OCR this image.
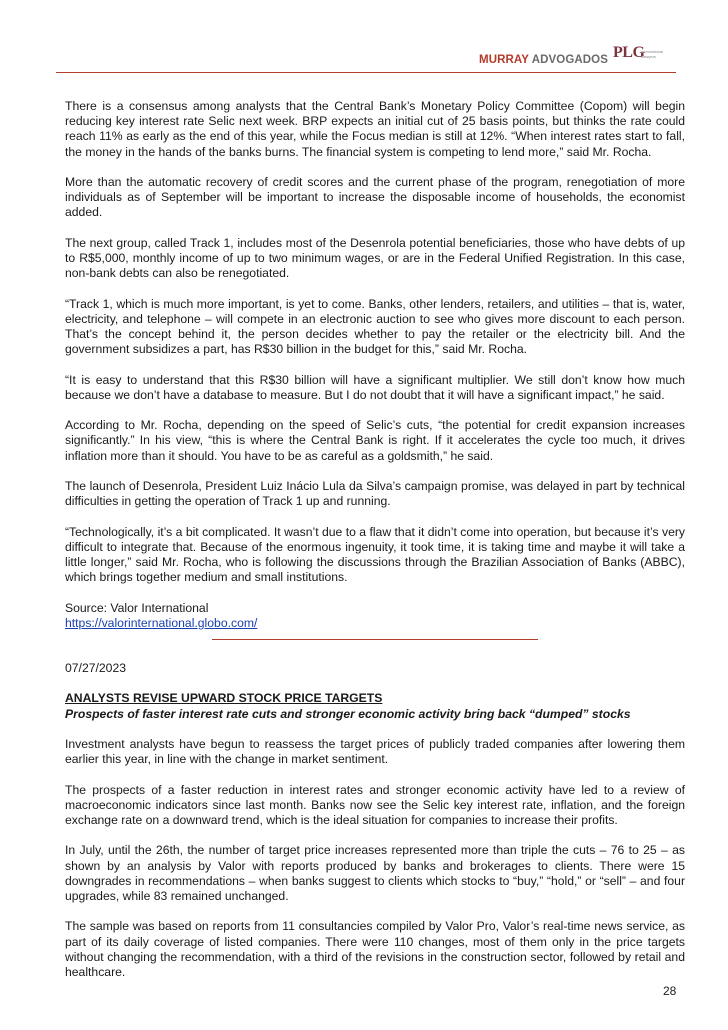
MURRAY ADVOGADOS PLG
International Lawyers

There is a consensus among analysts that the Central Bank’s Monetary Policy Committee (Copom) will begin reducing key interest rate Selic next week. BRP expects an initial cut of 25 basis points, but thinks the rate could reach 11% as early as the end of this year, while the Focus median is still at 12%. “When interest rates start to fall, the money in the hands of the banks burns. The financial system is competing to lend more,” said Mr. Rocha.

More than the automatic recovery of credit scores and the current phase of the program, renegotiation of more individuals as of September will be important to increase the disposable income of households, the economist added.

The next group, called Track 1, includes most of the Desenrola potential beneficiaries, those who have debts of up to R$5,000, monthly income of up to two minimum wages, or are in the Federal Unified Registration. In this case, non-bank debts can also be renegotiated.

“Track 1, which is much more important, is yet to come. Banks, other lenders, retailers, and utilities – that is, water, electricity, and telephone – will compete in an electronic auction to see who gives more discount to each person. That’s the concept behind it, the person decides whether to pay the retailer or the electricity bill. And the government subsidizes a part, has R$30 billion in the budget for this,” said Mr. Rocha.

“It is easy to understand that this R$30 billion will have a significant multiplier. We still don’t know how much because we don’t have a database to measure. But I do not doubt that it will have a significant impact,” he said.

According to Mr. Rocha, depending on the speed of Selic’s cuts, “the potential for credit expansion increases significantly.” In his view, “this is where the Central Bank is right. If it accelerates the cycle too much, it drives inflation more than it should. You have to be as careful as a goldsmith,” he said.

The launch of Desenrola, President Luiz Inácio Lula da Silva’s campaign promise, was delayed in part by technical difficulties in getting the operation of Track 1 up and running.

“Technologically, it’s a bit complicated. It wasn’t due to a flaw that it didn’t come into operation, but because it’s very difficult to integrate that. Because of the enormous ingenuity, it took time, it is taking time and maybe it will take a little longer,” said Mr. Rocha, who is following the discussions through the Brazilian Association of Banks (ABBC), which brings together medium and small institutions.

Source: Valor International
https://valorinternational.globo.com/
07/27/2023
ANALYSTS REVISE UPWARD STOCK PRICE TARGETS
Prospects of faster interest rate cuts and stronger economic activity bring back “dumped” stocks

Investment analysts have begun to reassess the target prices of publicly traded companies after lowering them earlier this year, in line with the change in market sentiment.

The prospects of a faster reduction in interest rates and stronger economic activity have led to a review of macroeconomic indicators since last month. Banks now see the Selic key interest rate, inflation, and the foreign exchange rate on a downward trend, which is the ideal situation for companies to increase their profits.

In July, until the 26th, the number of target price increases represented more than triple the cuts – 76 to 25 – as shown by an analysis by Valor with reports produced by banks and brokerages to clients. There were 15 downgrades in recommendations – when banks suggest to clients which stocks to “buy,” “hold,” or “sell” – and four upgrades, while 83 remained unchanged.

The sample was based on reports from 11 consultancies compiled by Valor Pro, Valor’s real-time news service, as part of its daily coverage of listed companies. There were 110 changes, most of them only in the price targets without changing the recommendation, with a third of the revisions in the construction sector, followed by retail and healthcare.

28
